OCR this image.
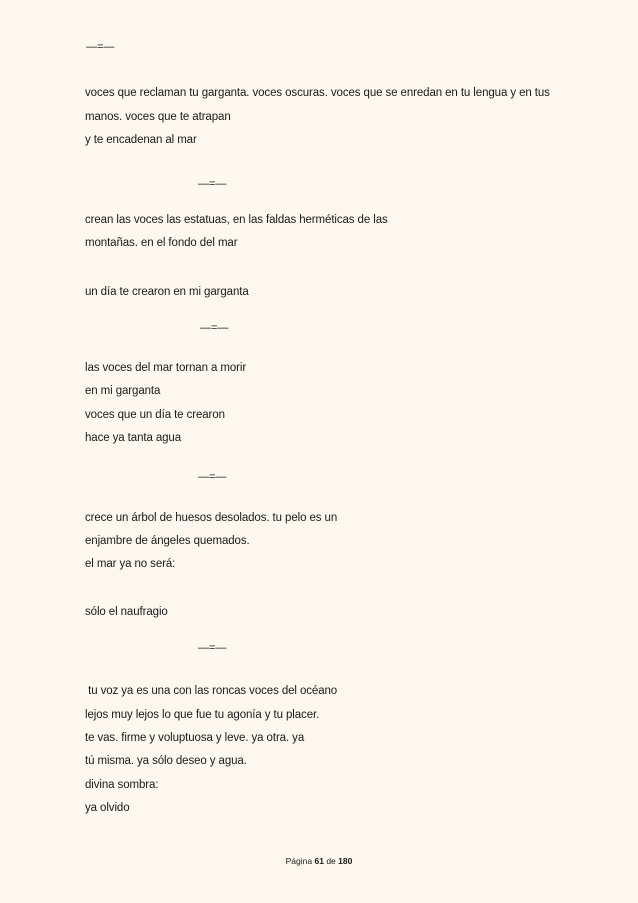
—=—
voces que reclaman tu garganta. voces oscuras. voces que se enredan en tu lengua y en tus
manos. voces que te atrapan
y te encadenan al mar
—=—
crean las voces las estatuas, en las faldas herméticas de las
montañas. en el fondo del mar
un día te crearon en mi garganta
—=—
las voces del mar tornan a morir
en mi garganta
voces que un día te crearon
hace ya tanta agua
—=—
crece un árbol de huesos desolados. tu pelo es un
enjambre de ángeles quemados.
el mar ya no será:
sólo el naufragio
—=—
tu voz ya es una con las roncas voces del océano
lejos muy lejos lo que fue tu agonía y tu placer.
te vas. firme y voluptuosa y leve. ya otra. ya
tú misma. ya sólo deseo y agua.
divina sombra:
ya olvido
Página 61 de 180
